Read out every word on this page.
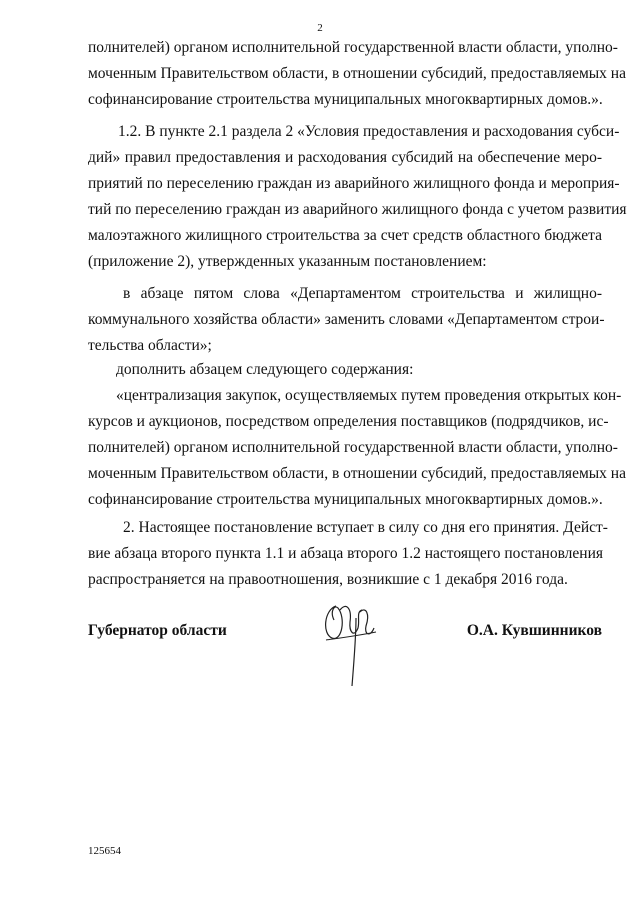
2
полнителей) органом исполнительной государственной власти области, уполно-
моченным Правительством области, в отношении субсидий, предоставляемых на
софинансирование строительства муниципальных многоквартирных домов.».
1.2. В пункте 2.1 раздела 2 «Условия предоставления и расходования субси-
дий» правил предоставления и расходования субсидий на обеспечение меро-
приятий по переселению граждан из аварийного жилищного фонда и мероприя-
тий по переселению граждан из аварийного жилищного фонда с учетом развития
малоэтажного жилищного строительства за счет средств областного бюджета
(приложение 2), утвержденных указанным постановлением:
в абзаце пятом слова «Департаментом строительства и жилищно-
коммунального хозяйства области» заменить словами «Департаментом строи-
тельства области»;
дополнить абзацем следующего содержания:
«централизация закупок, осуществляемых путем проведения открытых кон-
курсов и аукционов, посредством определения поставщиков (подрядчиков, ис-
полнителей) органом исполнительной государственной власти области, уполно-
моченным Правительством области, в отношении субсидий, предоставляемых на
софинансирование строительства муниципальных многоквартирных домов.».
2. Настоящее постановление вступает в силу со дня его принятия. Дейст-
вие абзаца второго пункта 1.1 и абзаца второго 1.2 настоящего постановления
распространяется на правоотношения, возникшие с 1 декабря 2016 года.
Губернатор области	О.А. Кувшинников
125654
